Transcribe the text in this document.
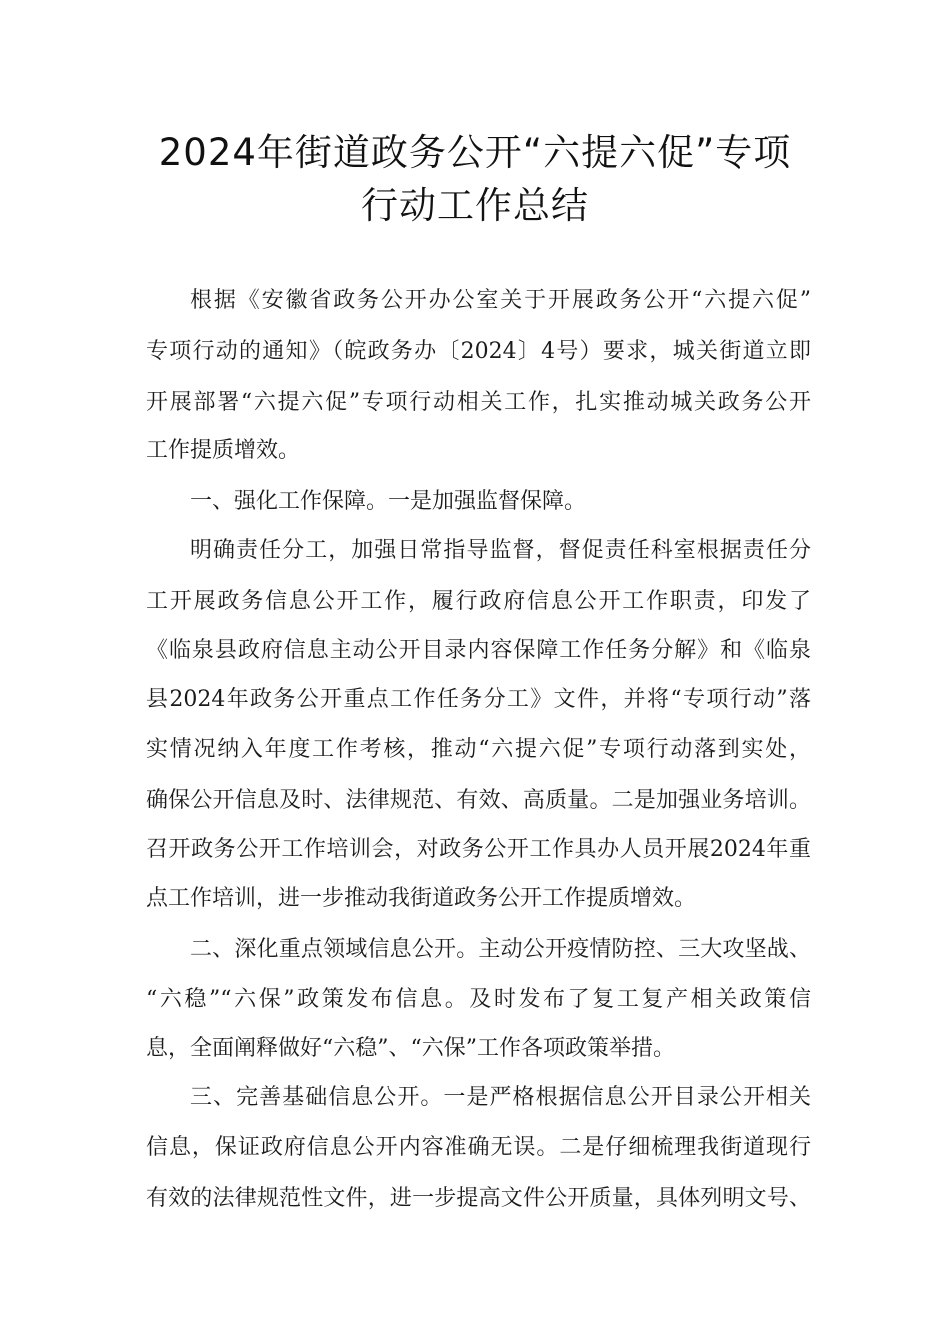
2024年街道政务公开“六提六促”专项
行动工作总结
根据《安徽省政务公开办公室关于开展政务公开“六提六促”
专项行动的通知》（皖政务办〔2024〕4号）要求，城关街道立即
开展部署“六提六促”专项行动相关工作，扎实推动城关政务公开
工作提质增效。
一、强化工作保障。一是加强监督保障。
明确责任分工，加强日常指导监督，督促责任科室根据责任分
工开展政务信息公开工作，履行政府信息公开工作职责，印发了
《临泉县政府信息主动公开目录内容保障工作任务分解》和《临泉
县2024年政务公开重点工作任务分工》文件，并将“专项行动”落
实情况纳入年度工作考核，推动“六提六促”专项行动落到实处，
确保公开信息及时、法律规范、有效、高质量。二是加强业务培训。
召开政务公开工作培训会，对政务公开工作具办人员开展2024年重
点工作培训，进一步推动我街道政务公开工作提质增效。
二、深化重点领域信息公开。主动公开疫情防控、三大攻坚战、
“六稳”“六保”政策发布信息。及时发布了复工复产相关政策信
息，全面阐释做好“六稳”、“六保”工作各项政策举措。
三、完善基础信息公开。一是严格根据信息公开目录公开相关
信息，保证政府信息公开内容准确无误。二是仔细梳理我街道现行
有效的法律规范性文件，进一步提高文件公开质量，具体列明文号、
